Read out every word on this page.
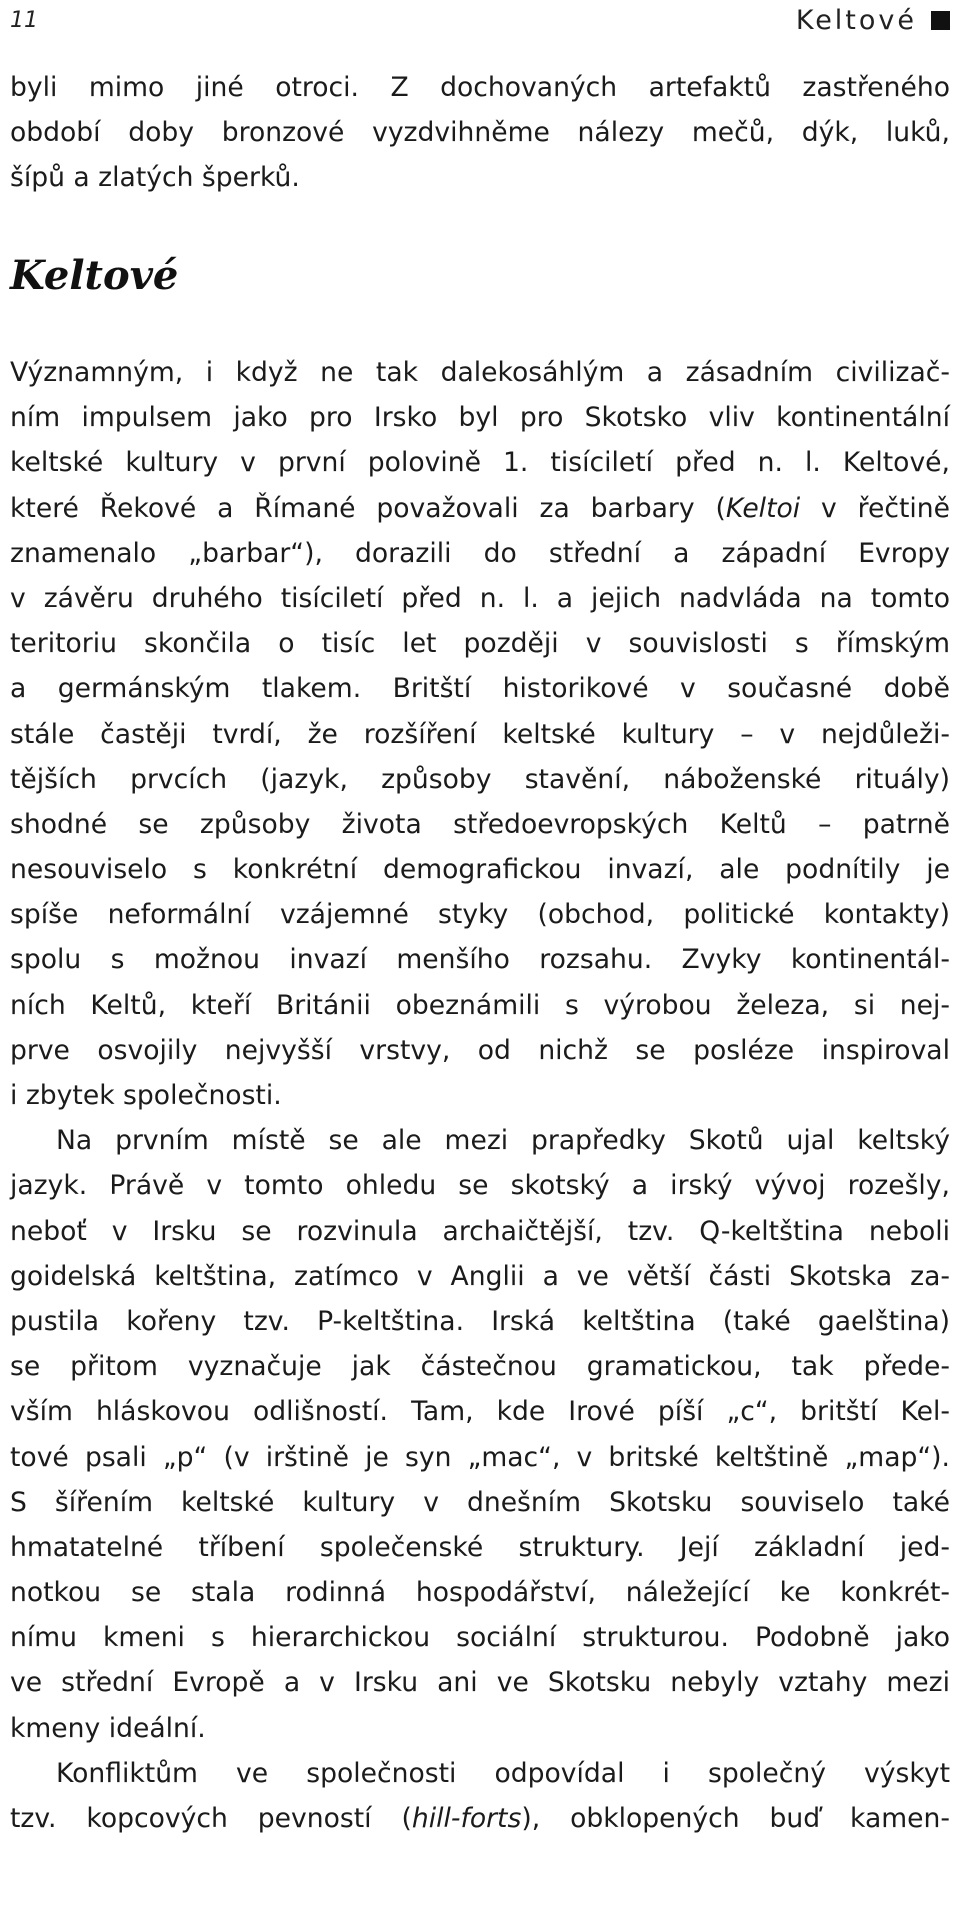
11	Keltové
byli mimo jiné otroci. Z dochovaných artefaktů zastřeného
období doby bronzové vyzdvihněme nálezy mečů, dýk, luků,
šípů a zlatých šperků.
Keltové
Významným, i když ne tak dalekosáhlým a zásadním civilizač-
ním impulsem jako pro Irsko byl pro Skotsko vliv kontinentální
keltské kultury v první polovině 1. tisíciletí před n. l. Keltové,
které Řekové a Římané považovali za barbary (Keltoi v řečtině
znamenalo „barbar“), dorazili do střední a západní Evropy
v závěru druhého tisíciletí před n. l. a jejich nadvláda na tomto
teritoriu skončila o tisíc let později v souvislosti s římským
a germánským tlakem. Britští historikové v současné době
stále častěji tvrdí, že rozšíření keltské kultury – v nejdůleži-
tějších prvcích (jazyk, způsoby stavění, náboženské rituály)
shodné se způsoby života středoevropských Keltů – patrně
nesouviselo s konkrétní demografickou invazí, ale podnítily je
spíše neformální vzájemné styky (obchod, politické kontakty)
spolu s možnou invazí menšího rozsahu. Zvyky kontinentál-
ních Keltů, kteří Británii obeznámili s výrobou železa, si nej-
prve osvojily nejvyšší vrstvy, od nichž se posléze inspiroval
i zbytek společnosti.
Na prvním místě se ale mezi prapředky Skotů ujal keltský
jazyk. Právě v tomto ohledu se skotský a irský vývoj rozešly,
neboť v Irsku se rozvinula archaičtější, tzv. Q-keltština neboli
goidelská keltština, zatímco v Anglii a ve větší části Skotska za-
pustila kořeny tzv. P-keltština. Irská keltština (také gaelština)
se přitom vyznačuje jak částečnou gramatickou, tak přede-
vším hláskovou odlišností. Tam, kde Irové píší „c“, britští Kel-
tové psali „p“ (v irštině je syn „mac“, v britské keltštině „map“).
S šířením keltské kultury v dnešním Skotsku souviselo také
hmatatelné tříbení společenské struktury. Její základní jed-
notkou se stala rodinná hospodářství, náležející ke konkrét-
nímu kmeni s hierarchickou sociální strukturou. Podobně jako
ve střední Evropě a v Irsku ani ve Skotsku nebyly vztahy mezi
kmeny ideální.
Konfliktům ve společnosti odpovídal i společný výskyt
tzv. kopcových pevností (hill-forts), obklopených buď kamen-
